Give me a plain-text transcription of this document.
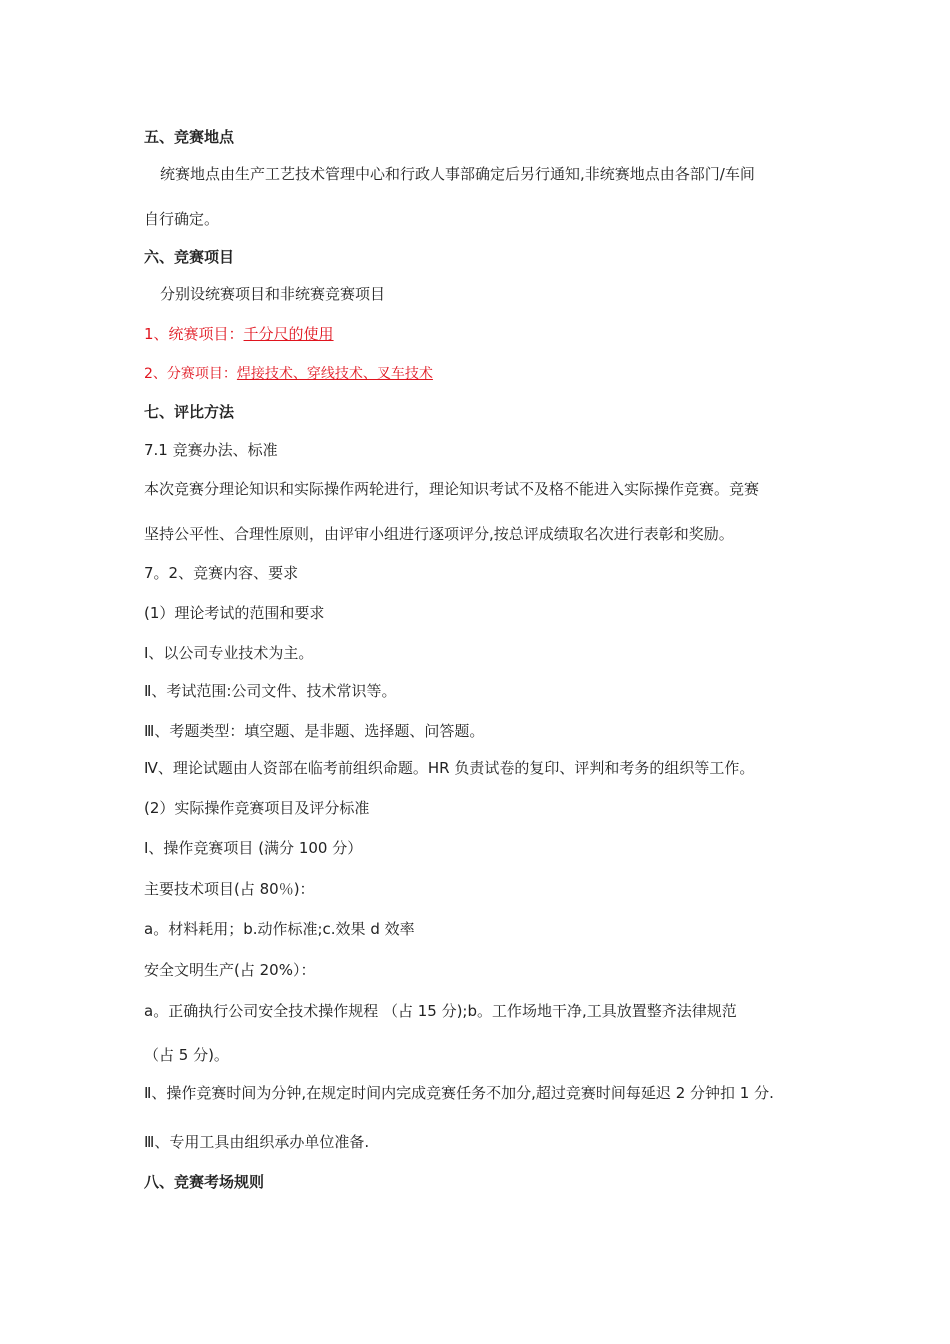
五、竞赛地点
统赛地点由生产工艺技术管理中心和行政人事部确定后另行通知,非统赛地点由各部门/车间
自行确定。
六、竞赛项目
分别设统赛项目和非统赛竞赛项目
1、统赛项目：千分尺的使用
2、分赛项目：焊接技术、穿线技术、叉车技术
七、评比方法
7.1 竞赛办法、标准
本次竞赛分理论知识和实际操作两轮进行，理论知识考试不及格不能进入实际操作竞赛。竞赛
坚持公平性、合理性原则，由评审小组进行逐项评分,按总评成绩取名次进行表彰和奖励。
7。2、竞赛内容、要求
(1）理论考试的范围和要求
Ⅰ、以公司专业技术为主。
Ⅱ、考试范围:公司文件、技术常识等。
Ⅲ、考题类型：填空题、是非题、选择题、问答题。
Ⅳ、理论试题由人资部在临考前组织命题。HR 负责试卷的复印、评判和考务的组织等工作。
(2）实际操作竞赛项目及评分标准
Ⅰ、操作竞赛项目 (满分 100 分）
主要技术项目(占 80％)：
a。材料耗用；b.动作标准;c.效果 d 效率
安全文明生产(占 20%）：
a。正确执行公司安全技术操作规程 （占 15 分);b。工作场地干净,工具放置整齐法律规范
（占 5 分)。
Ⅱ、操作竞赛时间为分钟,在规定时间内完成竞赛任务不加分,超过竞赛时间每延迟 2 分钟扣 1 分.
Ⅲ、专用工具由组织承办单位准备.
八、竞赛考场规则
